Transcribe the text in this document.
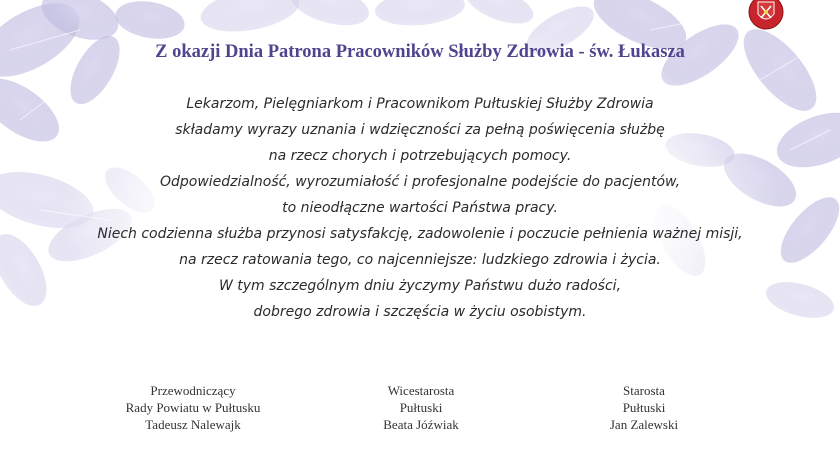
Z okazji Dnia Patrona Pracowników Służby Zdrowia - św. Łukasza
Lekarzom, Pielęgniarkom i Pracownikom Pułtuskiej Służby Zdrowia
składamy wyrazy uznania i wdzięczności za pełną poświęcenia służbę
na rzecz chorych i potrzebujących pomocy.
Odpowiedzialność, wyrozumiałość i profesjonalne podejście do pacjentów,
to nieodłączne wartości Państwa pracy.
Niech codzienna służba przynosi satysfakcję, zadowolenie i poczucie pełnienia ważnej misji,
na rzecz ratowania tego, co najcenniejsze: ludzkiego zdrowia i życia.
W tym szczególnym dniu życzymy Państwu dużo radości,
dobrego zdrowia i szczęścia w życiu osobistym.
Przewodniczący
Rady Powiatu w Pułtusku
Tadeusz Nalewajk
Wicestarosta
Pułtuski
Beata Jóźwiak
Starosta
Pułtuski
Jan Zalewski
